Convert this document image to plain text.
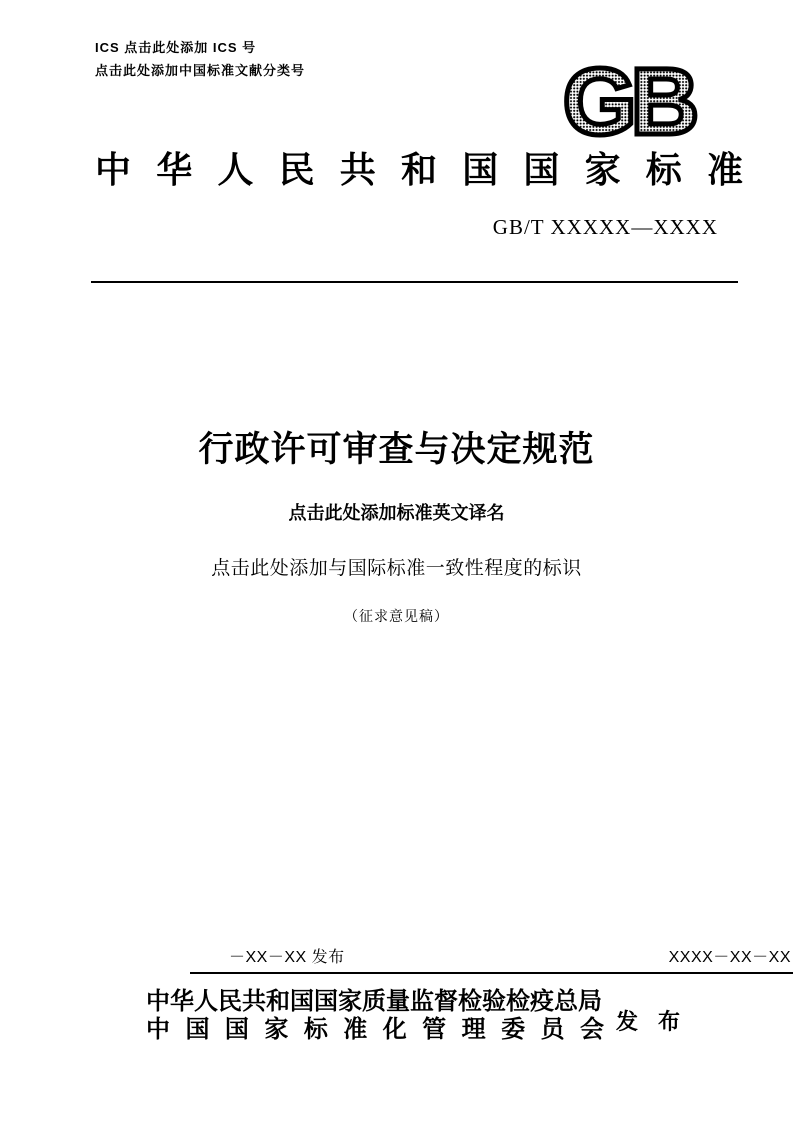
ICS 点击此处添加 ICS 号
点击此处添加中国标准文献分类号	GB
中华人民共和国国家标准
GB/T XXXXX—XXXX
行政许可审查与决定规范
点击此处添加标准英文译名
点击此处添加与国际标准一致性程度的标识
（征求意见稿）
－XX－XX 发布	XXXX－XX－XX
中华人民共和国国家质量监督检验检疫总局
中国国家标准化管理委员会 发布
